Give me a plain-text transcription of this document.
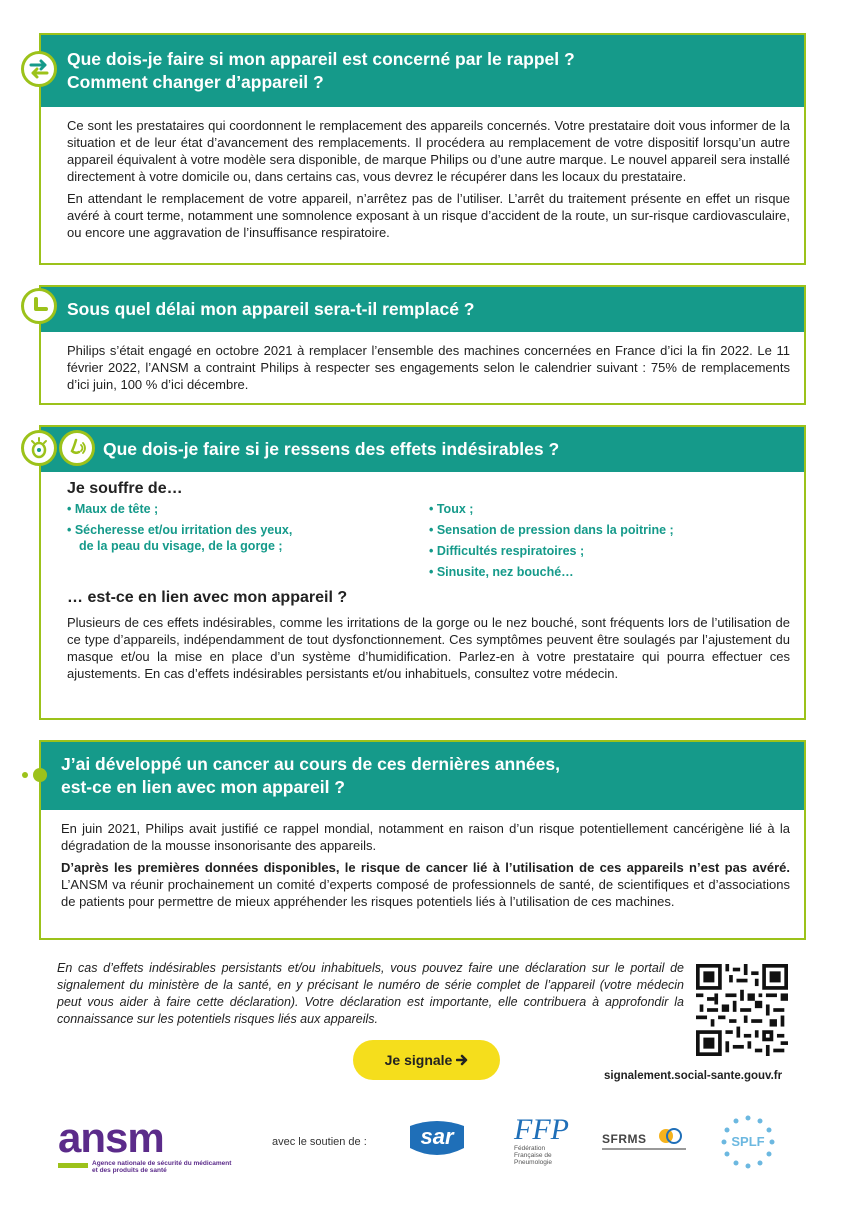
Que dois-je faire si mon appareil est concerné par le rappel ?
Comment changer d’appareil ?

Ce sont les prestataires qui coordonnent le remplacement des appareils concernés. Votre prestataire doit vous informer de la situation et de leur état d’avancement des remplacements. Il procédera au remplacement de votre dispositif lorsqu’un autre appareil équivalent à votre modèle sera disponible, de marque Philips ou d’une autre marque. Le nouvel appareil sera installé directement à votre domicile ou, dans certains cas, vous devrez le récupérer dans les locaux du prestataire.

En attendant le remplacement de votre appareil, n’arrêtez pas de l’utiliser. L’arrêt du traitement présente en effet un risque avéré à court terme, notamment une somnolence exposant à un risque d’accident de la route, un sur-risque cardiovasculaire, ou encore une aggravation de l’insuffisance respiratoire.

Sous quel délai mon appareil sera-t-il remplacé ?

Philips s’était engagé en octobre 2021 à remplacer l’ensemble des machines concernées en France d’ici la fin 2022. Le 11 février 2022, l’ANSM a contraint Philips à respecter ses engagements selon le calendrier suivant : 75% de remplacements d’ici juin, 100 % d’ici décembre.

Que dois-je faire si je ressens des effets indésirables ?
Je souffre de…
• Maux de tête ;
• Sécheresse et/ou irritation des yeux,
de la peau du visage, de la gorge ;
• Toux ;
• Sensation de pression dans la poitrine ;
• Difficultés respiratoires ;
• Sinusite, nez bouché…
… est-ce en lien avec mon appareil ?

Plusieurs de ces effets indésirables, comme les irritations de la gorge ou le nez bouché, sont fréquents lors de l’utilisation de ce type d’appareils, indépendamment de tout dysfonctionnement. Ces symptômes peuvent être soulagés par l’ajustement du masque et/ou la mise en place d’un système d’humidification. Parlez-en à votre prestataire qui pourra effectuer ces ajustements. En cas d’effets indésirables persistants et/ou inhabituels, consultez votre médecin.

J’ai développé un cancer au cours de ces dernières années,
est-ce en lien avec mon appareil ?

En juin 2021, Philips avait justifié ce rappel mondial, notamment en raison d’un risque potentiellement cancérigène lié à la dégradation de la mousse insonorisante des appareils.

D’après les premières données disponibles, le risque de cancer lié à l’utilisation de ces appareils n’est pas avéré. L’ANSM va réunir prochainement un comité d’experts composé de professionnels de santé, de scientifiques et d’associations de patients pour permettre de mieux appréhender les risques potentiels liés à l’utilisation de ces machines.

En cas d’effets indésirables persistants et/ou inhabituels, vous pouvez faire une déclaration sur le portail de signalement du ministère de la santé, en y précisant le numéro de série complet de l’appareil (votre médecin peut vous aider à faire cette déclaration). Votre déclaration est importante, elle contribuera à approfondir la connaissance sur les potentiels risques liés aux appareils.
Je signale
signalement.social-sante.gouv.fr
ansm
Agence nationale de sécurité du médicament
et des produits de santé
avec le soutien de :	sar	FFP
Fédération
Française de
Pneumologie
SFRMS	SPLF
